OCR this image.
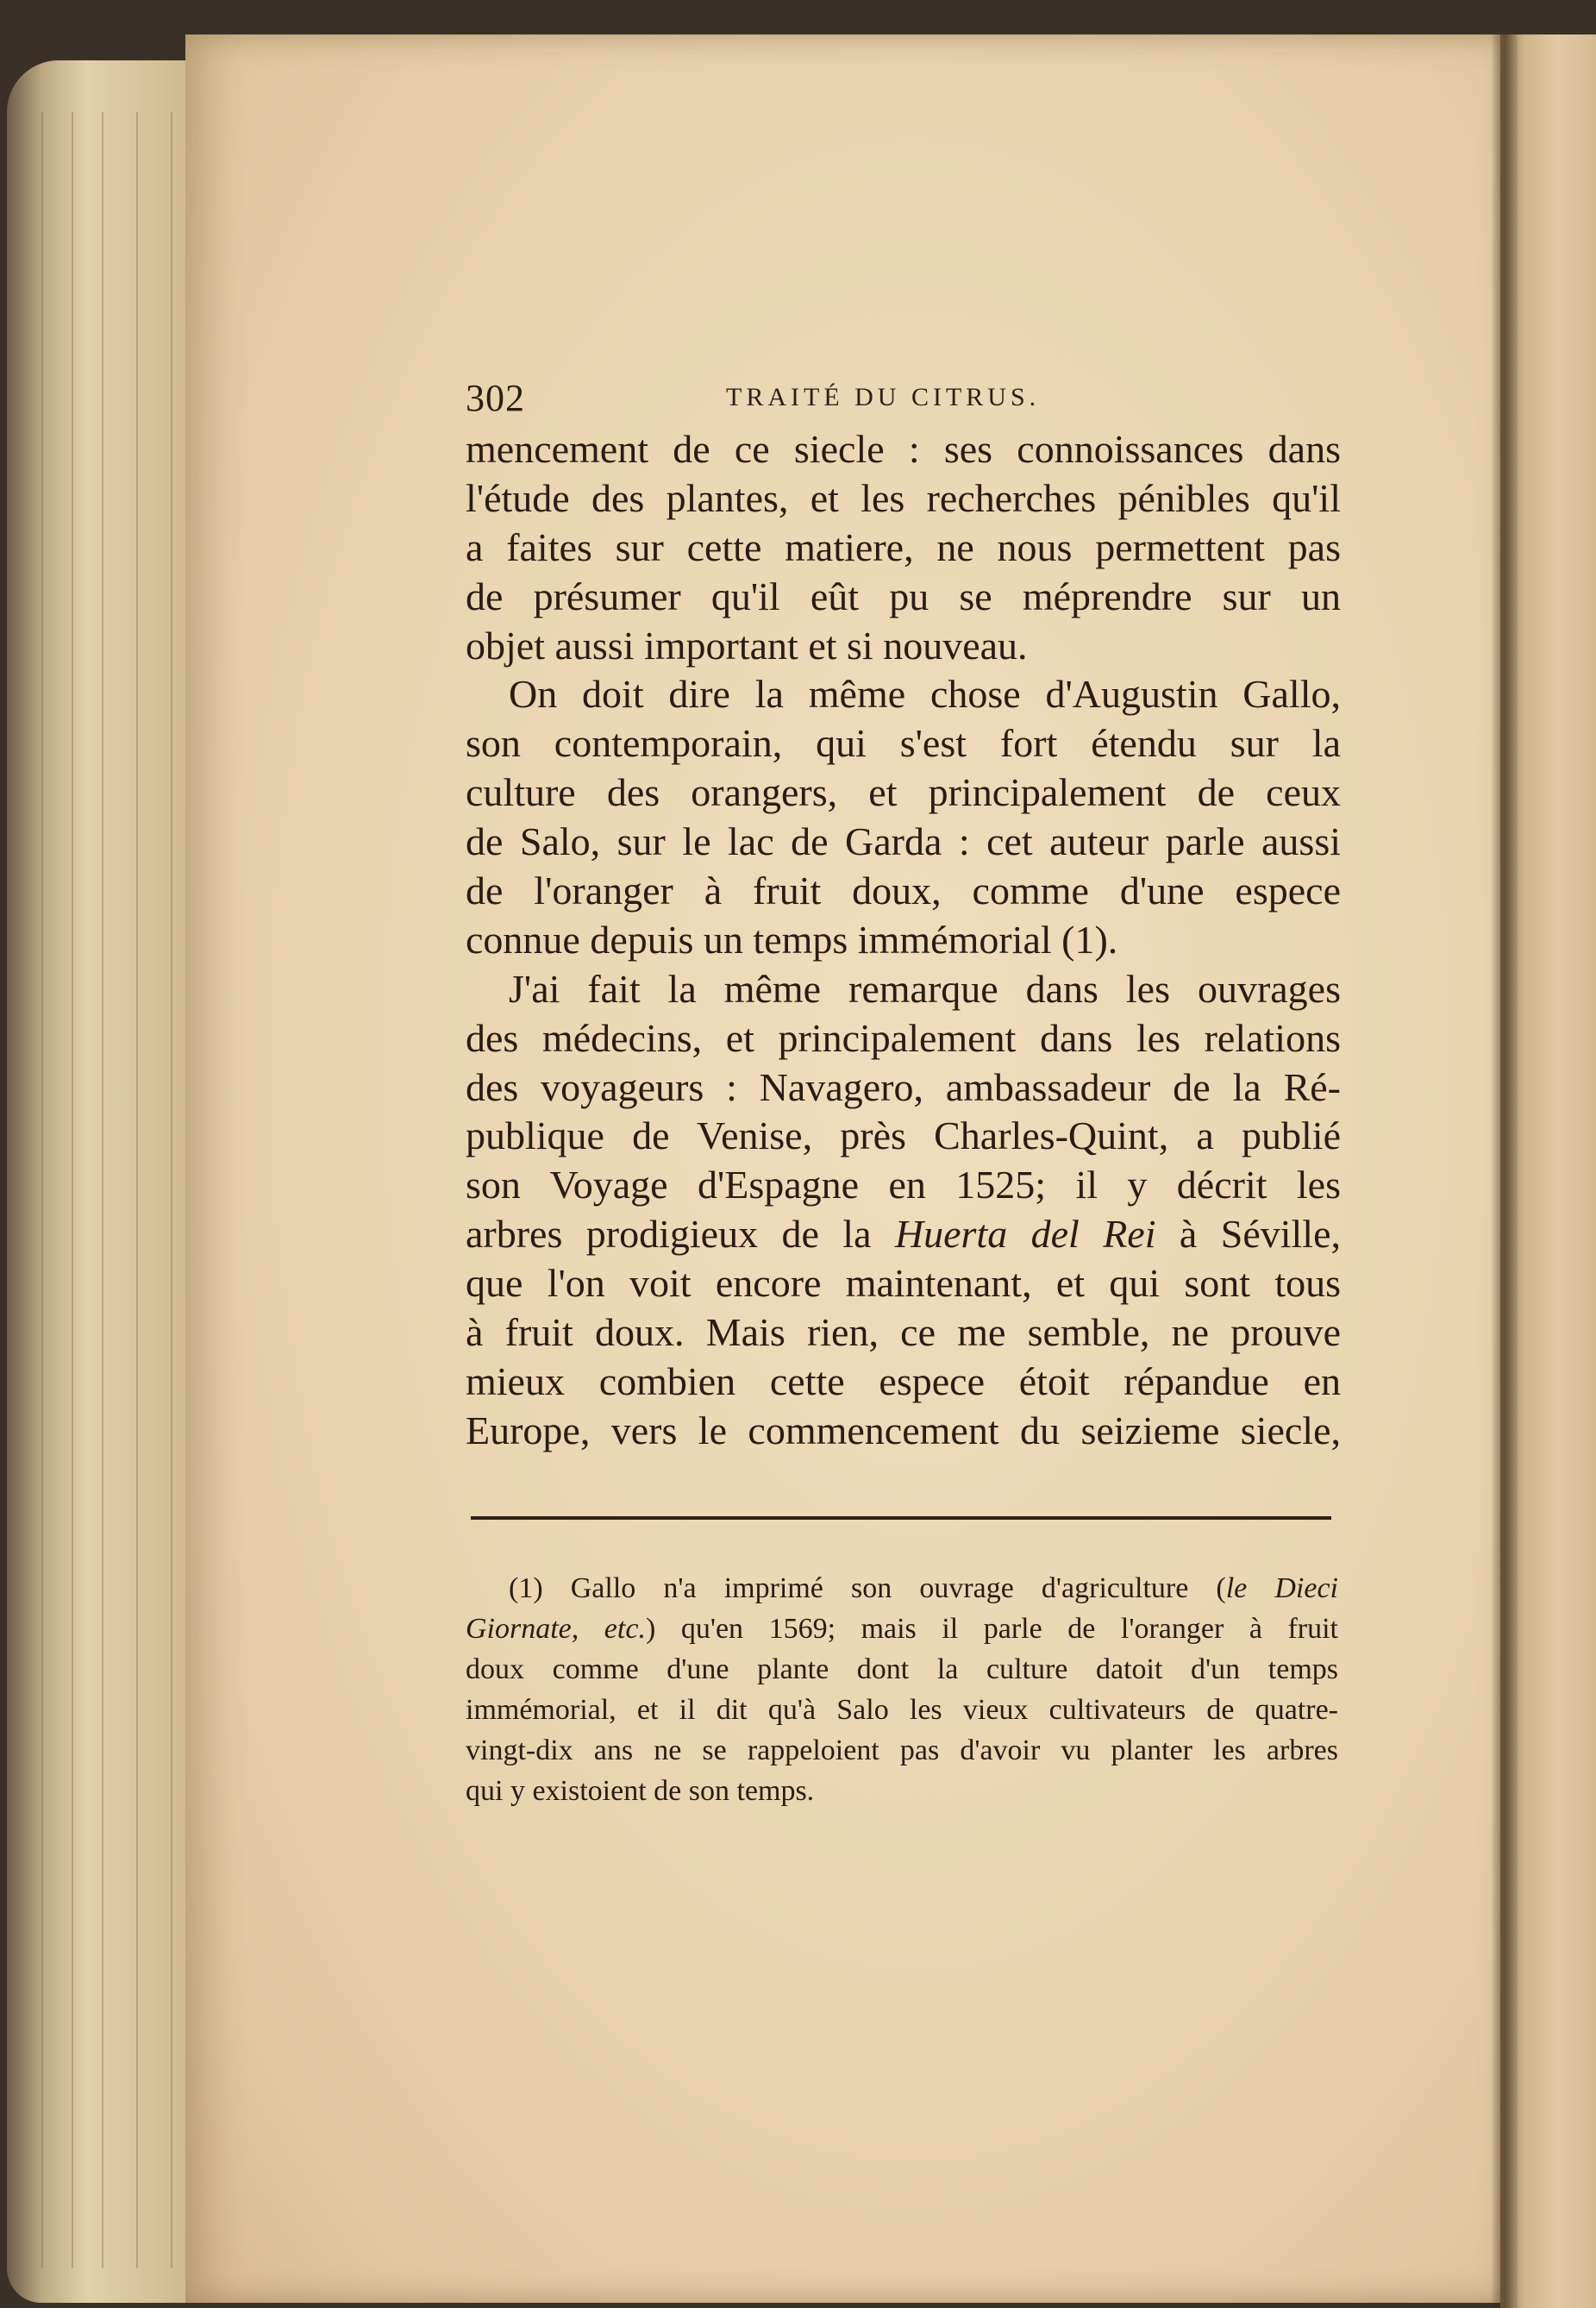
302	TRAITÉ DU CITRUS.
mencement de ce siecle : ses connoissances dans
l'étude des plantes, et les recherches pénibles qu'il
a faites sur cette matiere, ne nous permettent pas
de présumer qu'il eût pu se méprendre sur un
objet aussi important et si nouveau.
On doit dire la même chose d'Augustin Gallo,
son contemporain, qui s'est fort étendu sur la
culture des orangers, et principalement de ceux
de Salo, sur le lac de Garda : cet auteur parle aussi
de l'oranger à fruit doux, comme d'une espece
connue depuis un temps immémorial (1).
J'ai fait la même remarque dans les ouvrages
des médecins, et principalement dans les relations
des voyageurs : Navagero, ambassadeur de la Ré-
publique de Venise, près Charles-Quint, a publié
son Voyage d'Espagne en 1525; il y décrit les
arbres prodigieux de la Huerta del Rei à Séville,
que l'on voit encore maintenant, et qui sont tous
à fruit doux. Mais rien, ce me semble, ne prouve
mieux combien cette espece étoit répandue en
Europe, vers le commencement du seizieme siecle,
(1) Gallo n'a imprimé son ouvrage d'agriculture (le Dieci
Giornate, etc.) qu'en 1569; mais il parle de l'oranger à fruit
doux comme d'une plante dont la culture datoit d'un temps
immémorial, et il dit qu'à Salo les vieux cultivateurs de quatre-
vingt-dix ans ne se rappeloient pas d'avoir vu planter les arbres
qui y existoient de son temps.
